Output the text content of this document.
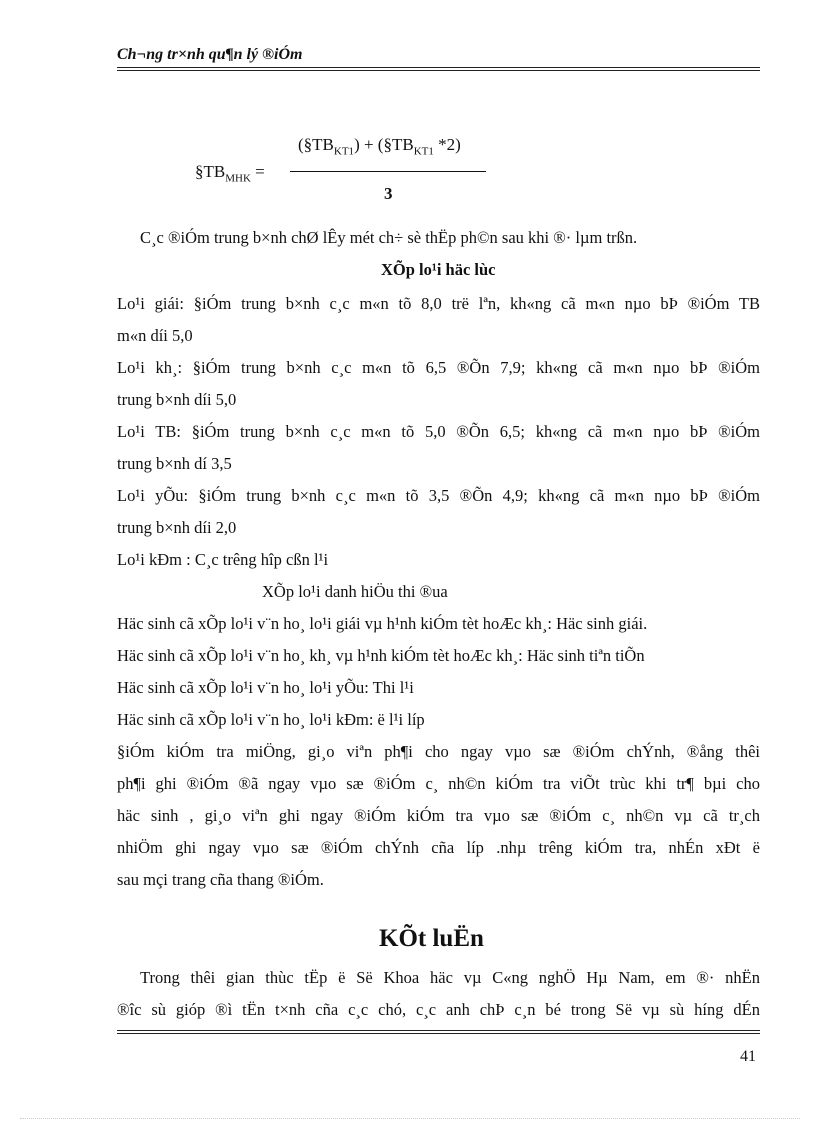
Ch¬ng tr×nh qu¶n lý ®iÓm
$\S TB_{MHK}$ =
$(\S TB_{KT1})$ + ($\S TB_{KT1}$ *2)
3
C¸c ®iÓm trung b×nh chØ lÊy mét ch÷ sè thËp ph©n sau khi ®· lµm trßn.
XÕp lo¹i häc lùc
Lo¹i giái: §iÓm trung b×nh c¸c m«n tõ 8,0 trë lªn, kh«ng cã m«n nµo bÞ ®iÓm TB
m«n díi 5,0
Lo¹i kh¸: §iÓm trung b×nh c¸c m«n tõ 6,5 ®Õn 7,9; kh«ng cã m«n nµo bÞ ®iÓm
trung b×nh díi 5,0
Lo¹i TB: §iÓm trung b×nh c¸c m«n tõ 5,0 ®Õn 6,5; kh«ng cã m«n nµo bÞ ®iÓm
trung b×nh dí 3,5
Lo¹i yÕu: §iÓm trung b×nh c¸c m«n tõ 3,5 ®Õn 4,9; kh«ng cã m«n nµo bÞ ®iÓm
trung b×nh díi 2,0
Lo¹i kÐm : C¸c trêng hîp cßn l¹i
XÕp lo¹i danh hiÖu thi ®ua
Häc sinh cã xÕp lo¹i v¨n ho¸ lo¹i giái vµ h¹nh kiÓm tèt hoÆc kh¸: Häc sinh giái.
Häc sinh cã xÕp lo¹i v¨n ho¸ kh¸ vµ h¹nh kiÓm tèt hoÆc kh¸: Häc sinh tiªn tiÕn
Häc sinh cã xÕp lo¹i v¨n ho¸ lo¹i yÕu: Thi l¹i
Häc sinh cã xÕp lo¹i v¨n ho¸ lo¹i kÐm: ë l¹i líp
§iÓm kiÓm tra miÖng, gi¸o viªn ph¶i cho ngay vµo sæ ®iÓm chÝnh, ®ång thêi
ph¶i ghi ®iÓm ®ã ngay vµo sæ ®iÓm c¸ nh©n kiÓm tra viÕt trùc khi tr¶ bµi cho
häc sinh , gi¸o viªn ghi ngay ®iÓm kiÓm tra vµo sæ ®iÓm c¸ nh©n vµ cã tr¸ch
nhiÖm ghi ngay vµo sæ ®iÓm chÝnh cña líp .nhµ trêng kiÓm tra, nhÉn xÐt ë
sau mçi trang cña thang ®iÓm.
KÕt luËn
Trong thêi gian thùc tËp ë Së Khoa häc vµ C«ng nghÖ Hµ Nam, em ®· nhËn
®îc sù gióp ®ì tËn t×nh cña c¸c chó, c¸c anh chÞ c¸n bé trong Së vµ sù híng dÉn
41
